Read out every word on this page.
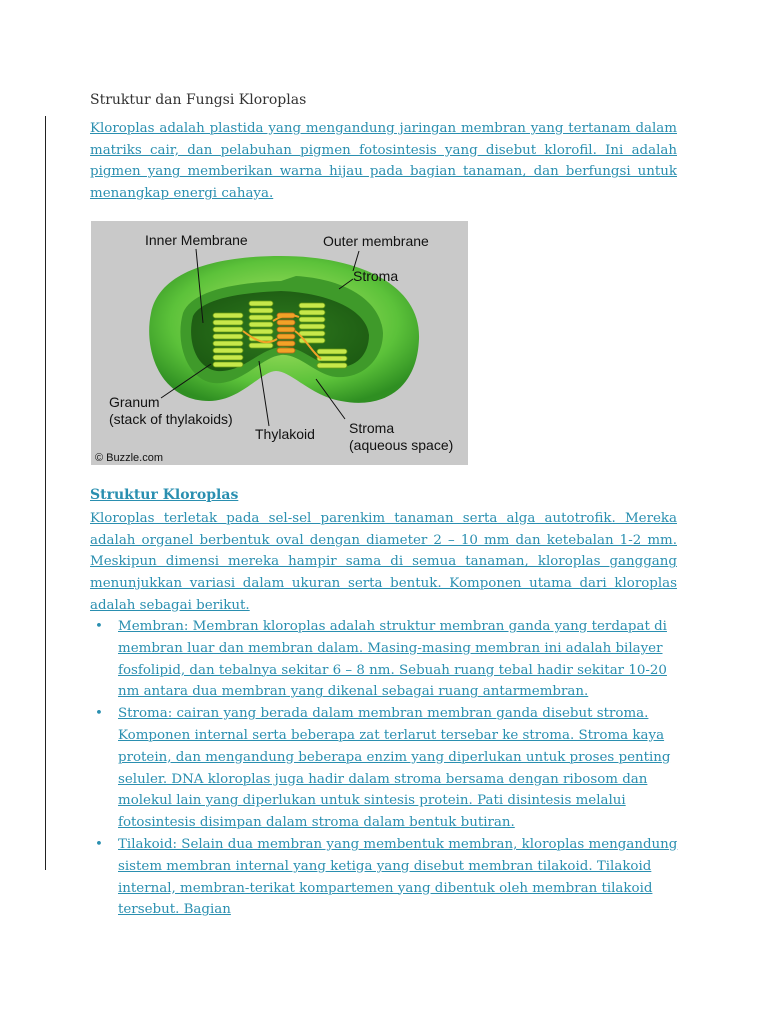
Struktur dan Fungsi Kloroplas
Kloroplas adalah plastida yang mengandung jaringan membran yang tertanam dalam matriks cair, dan pelabuhan pigmen fotosintesis yang disebut klorofil. Ini adalah pigmen yang memberikan warna hijau pada bagian tanaman, dan berfungsi untuk menangkap energi cahaya.
Inner Membrane	Outer membrane
Stroma
Granum
(stack of thylakoids)
Thylakoid Stroma
(aqueous space)
© Buzzle.com
Struktur Kloroplas
Kloroplas terletak pada sel-sel parenkim tanaman serta alga autotrofik. Mereka adalah organel berbentuk oval dengan diameter 2 – 10 mm dan ketebalan 1-2 mm. Meskipun dimensi mereka hampir sama di semua tanaman, kloroplas ganggang menunjukkan variasi dalam ukuran serta bentuk. Komponen utama dari kloroplas adalah sebagai berikut.
• Membran: Membran kloroplas adalah struktur membran ganda yang terdapat di membran luar dan membran dalam. Masing-masing membran ini adalah bilayer fosfolipid, dan tebalnya sekitar 6 – 8 nm. Sebuah ruang tebal hadir sekitar 10-20 nm antara dua membran yang dikenal sebagai ruang antarmembran.
• Stroma: cairan yang berada dalam membran membran ganda disebut stroma. Komponen internal serta beberapa zat terlarut tersebar ke stroma. Stroma kaya protein, dan mengandung beberapa enzim yang diperlukan untuk proses penting seluler. DNA kloroplas juga hadir dalam stroma bersama dengan ribosom dan molekul lain yang diperlukan untuk sintesis protein. Pati disintesis melalui fotosintesis disimpan dalam stroma dalam bentuk butiran.
• Tilakoid: Selain dua membran yang membentuk membran, kloroplas mengandung sistem membran internal yang ketiga yang disebut membran tilakoid. Tilakoid internal, membran-terikat kompartemen yang dibentuk oleh membran tilakoid tersebut. Bagian
